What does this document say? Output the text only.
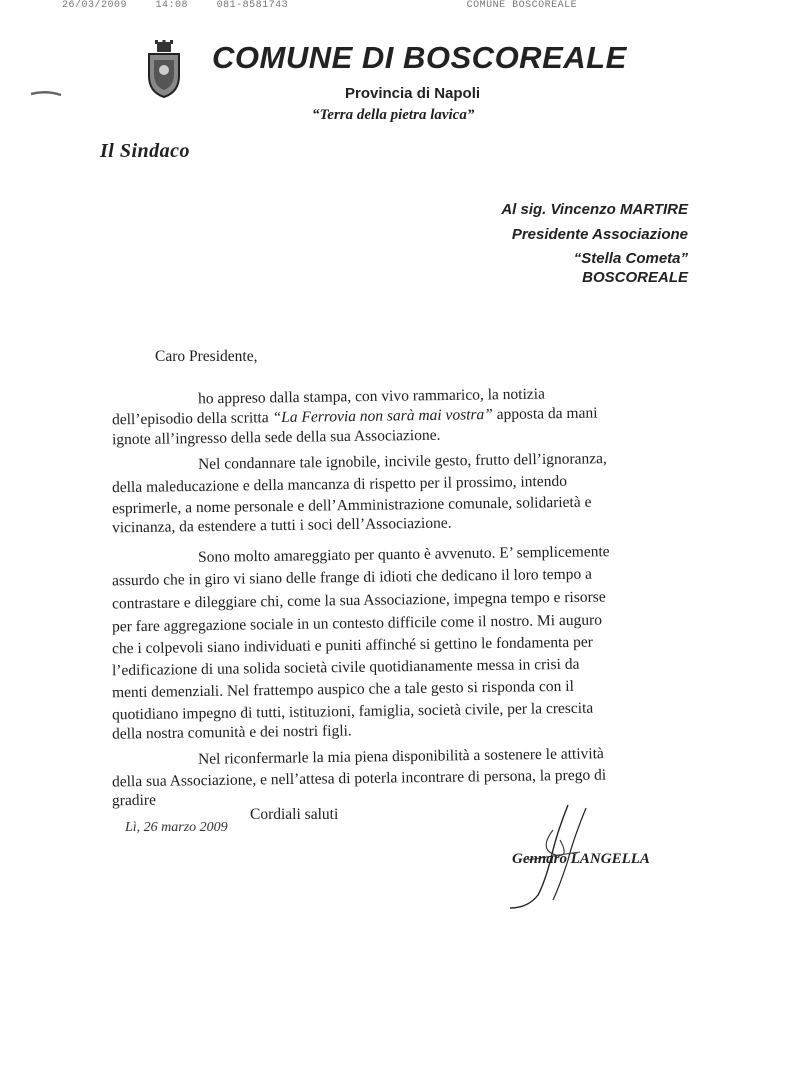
26/03/2009	14:08	081-8581743	COMUNE BOSCOREALE
COMUNE DI BOSCOREALE
Provincia di Napoli
“Terra della pietra lavica”
Il Sindaco
Al sig. Vincenzo MARTIRE
Presidente Associazione
“Stella Cometa”
BOSCOREALE
Caro Presidente,
ho appreso dalla stampa, con vivo rammarico, la notizia
dell’episodio della scritta “La Ferrovia non sarà mai vostra” apposta da mani
ignote all’ingresso della sede della sua Associazione.
Nel condannare tale ignobile, incivile gesto, frutto dell’ignoranza,
della maleducazione e della mancanza di rispetto per il prossimo, intendo
esprimerle, a nome personale e dell’Amministrazione comunale, solidarietà e
vicinanza, da estendere a tutti i soci dell’Associazione.
Sono molto amareggiato per quanto è avvenuto. E’ semplicemente
assurdo che in giro vi siano delle frange di idioti che dedicano il loro tempo a
contrastare e dileggiare chi, come la sua Associazione, impegna tempo e risorse
per fare aggregazione sociale in un contesto difficile come il nostro. Mi auguro
che i colpevoli siano individuati e puniti affinché si gettino le fondamenta per
l’edificazione di una solida società civile quotidianamente messa in crisi da
menti demenziali. Nel frattempo auspico che a tale gesto si risponda con il
quotidiano impegno di tutti, istituzioni, famiglia, società civile, per la crescita
della nostra comunità e dei nostri figli.
Nel riconfermarle la mia piena disponibilità a sostenere le attività
della sua Associazione, e nell’attesa di poterla incontrare di persona, la prego di
gradire
Cordiali saluti
Lì, 26 marzo 2009
Gennaro LANGELLA
